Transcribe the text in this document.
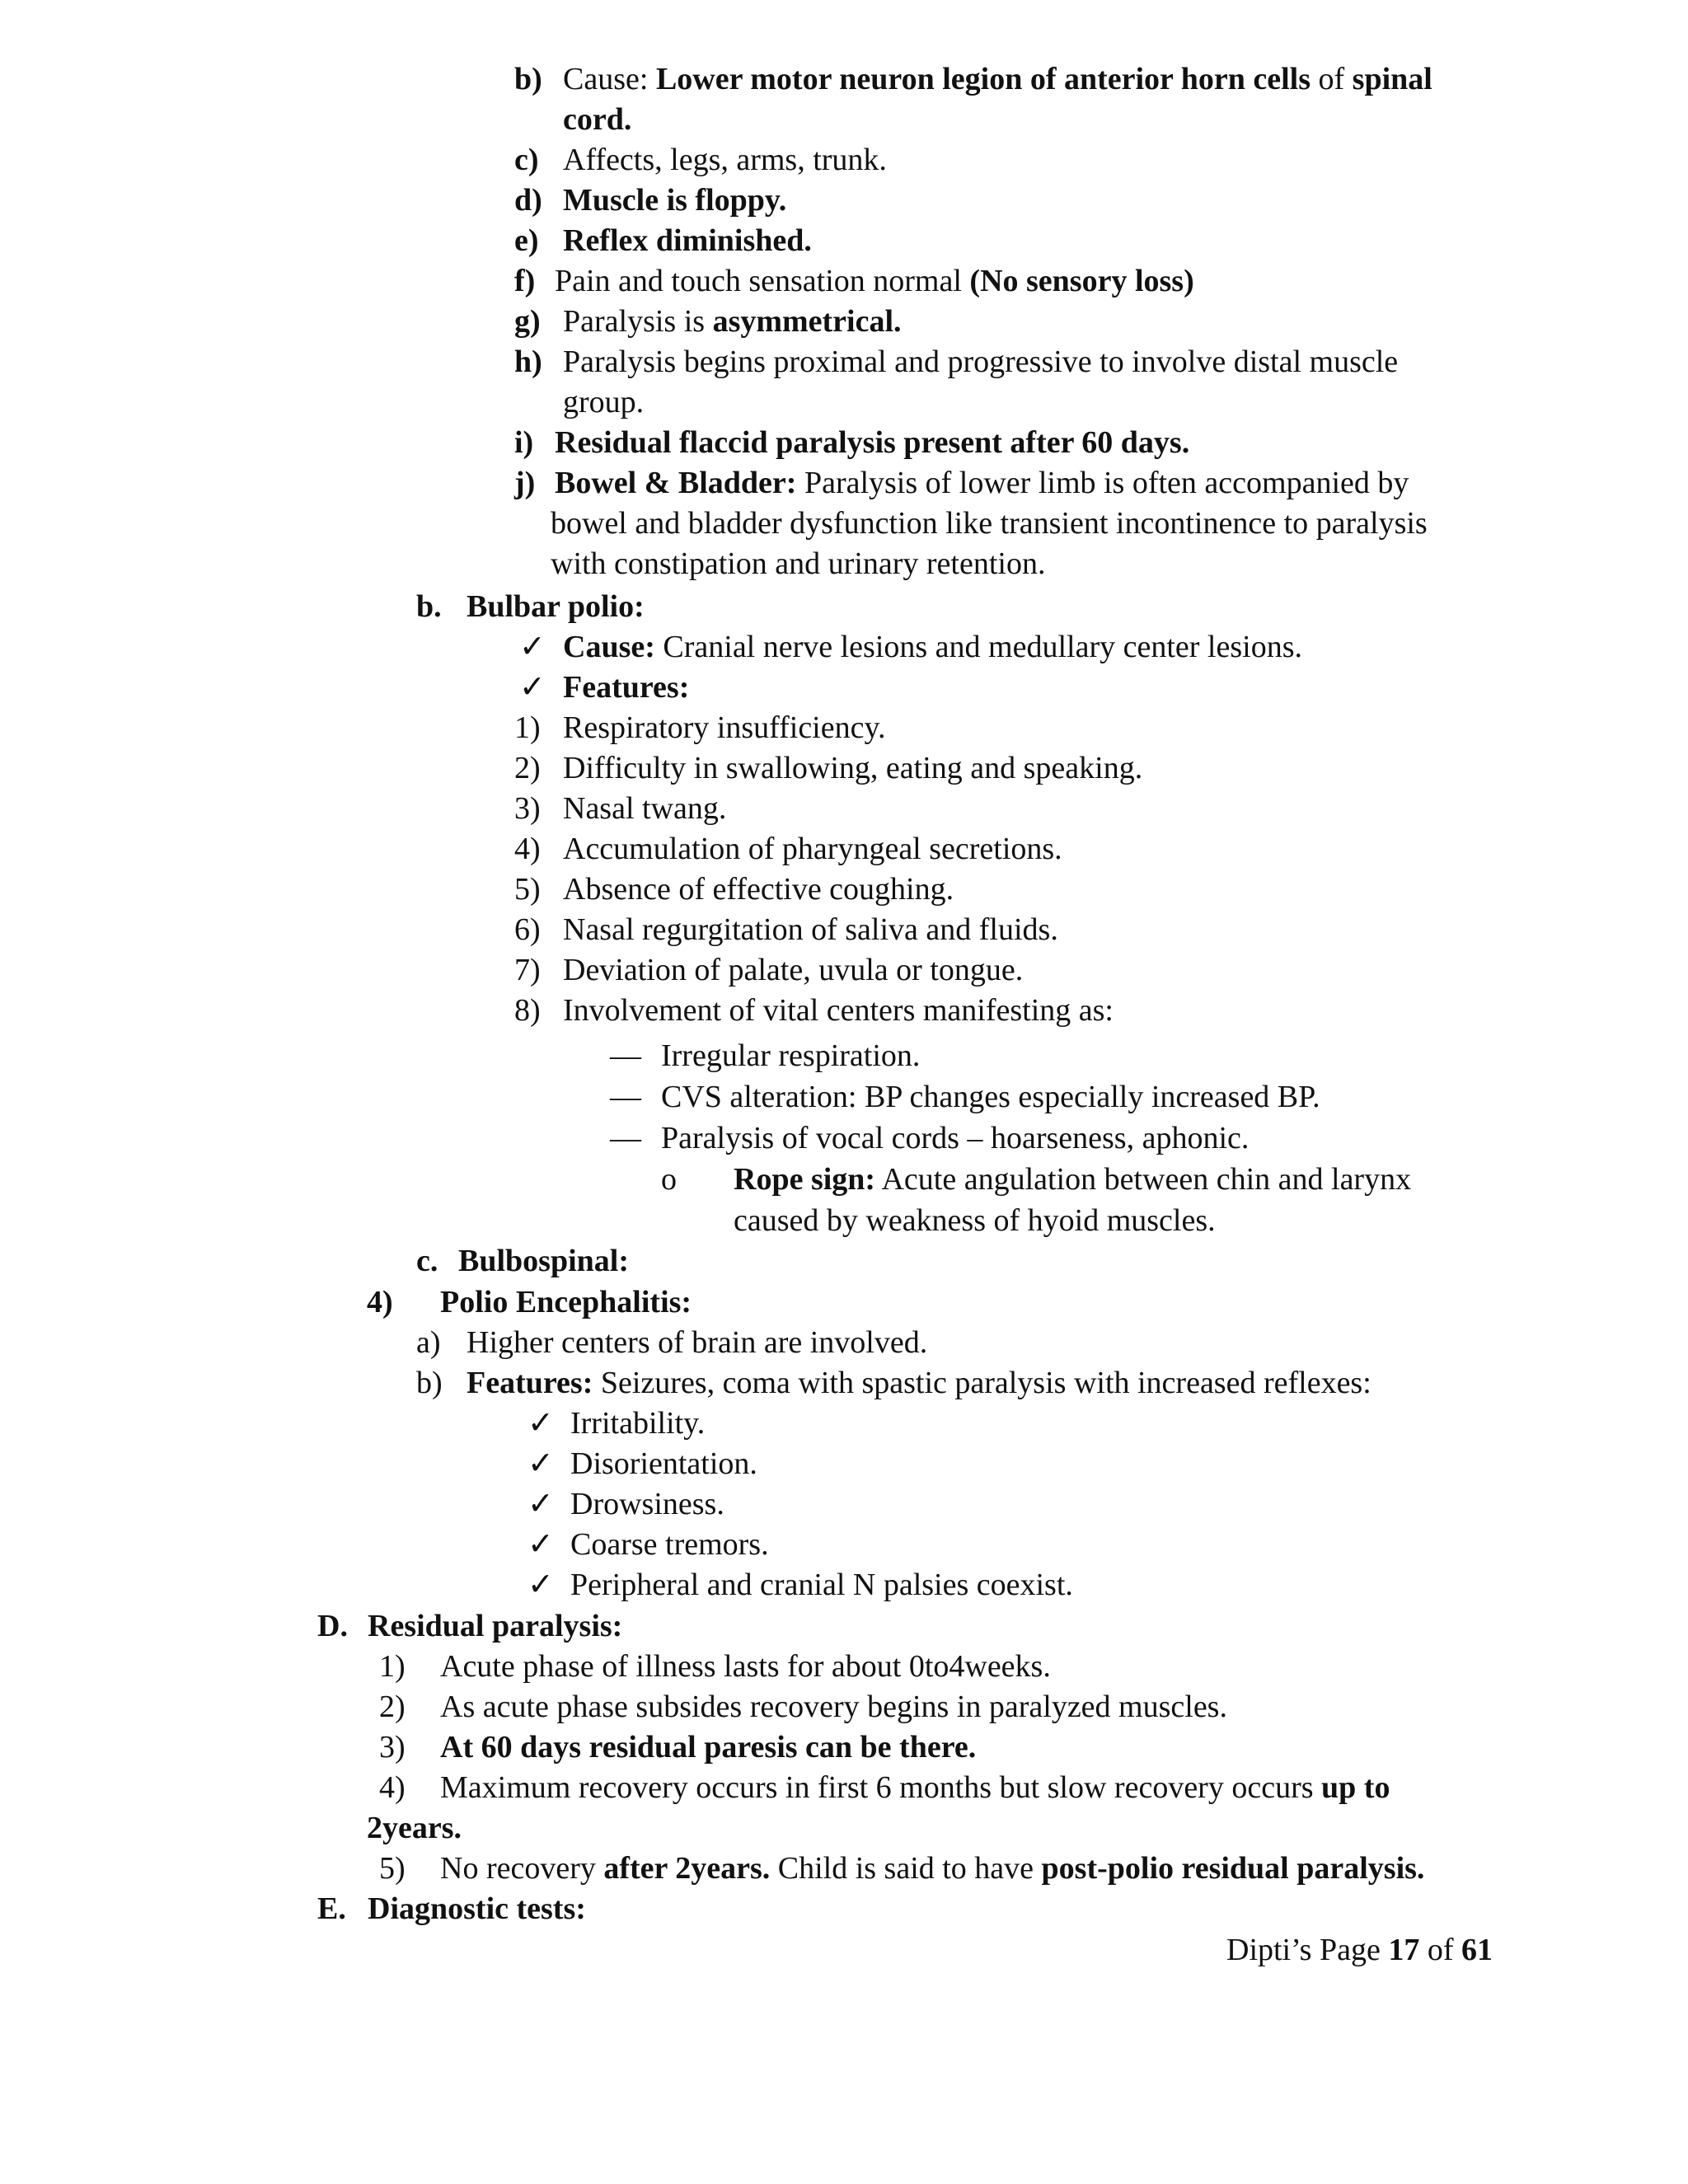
b) Cause: Lower motor neuron legion of anterior horn cells of spinal
cord.
c) Affects, legs, arms, trunk.
d) Muscle is floppy.
e) Reflex diminished.
f) Pain and touch sensation normal (No sensory loss)
g) Paralysis is asymmetrical.
h) Paralysis begins proximal and progressive to involve distal muscle
group.
i) Residual flaccid paralysis present after 60 days.
j) Bowel & Bladder: Paralysis of lower limb is often accompanied by
bowel and bladder dysfunction like transient incontinence to paralysis
with constipation and urinary retention.
b. Bulbar polio:
✓ Cause: Cranial nerve lesions and medullary center lesions.
✓ Features:
1) Respiratory insufficiency.
2) Difficulty in swallowing, eating and speaking.
3) Nasal twang.
4) Accumulation of pharyngeal secretions.
5) Absence of effective coughing.
6) Nasal regurgitation of saliva and fluids.
7) Deviation of palate, uvula or tongue.
8) Involvement of vital centers manifesting as:
— Irregular respiration.
— CVS alteration: BP changes especially increased BP.
— Paralysis of vocal cords – hoarseness, aphonic.
o Rope sign: Acute angulation between chin and larynx
caused by weakness of hyoid muscles.
c. Bulbospinal:
4) Polio Encephalitis:
a) Higher centers of brain are involved.
b) Features: Seizures, coma with spastic paralysis with increased reflexes:
✓ Irritability.
✓ Disorientation.
✓ Drowsiness.
✓ Coarse tremors.
✓ Peripheral and cranial N palsies coexist.
D. Residual paralysis:
1) Acute phase of illness lasts for about 0to4weeks.
2) As acute phase subsides recovery begins in paralyzed muscles.
3) At 60 days residual paresis can be there.
4) Maximum recovery occurs in first 6 months but slow recovery occurs up to
2years.
5) No recovery after 2years. Child is said to have post-polio residual paralysis.
E. Diagnostic tests:
Dipti’s Page 17 of 61
